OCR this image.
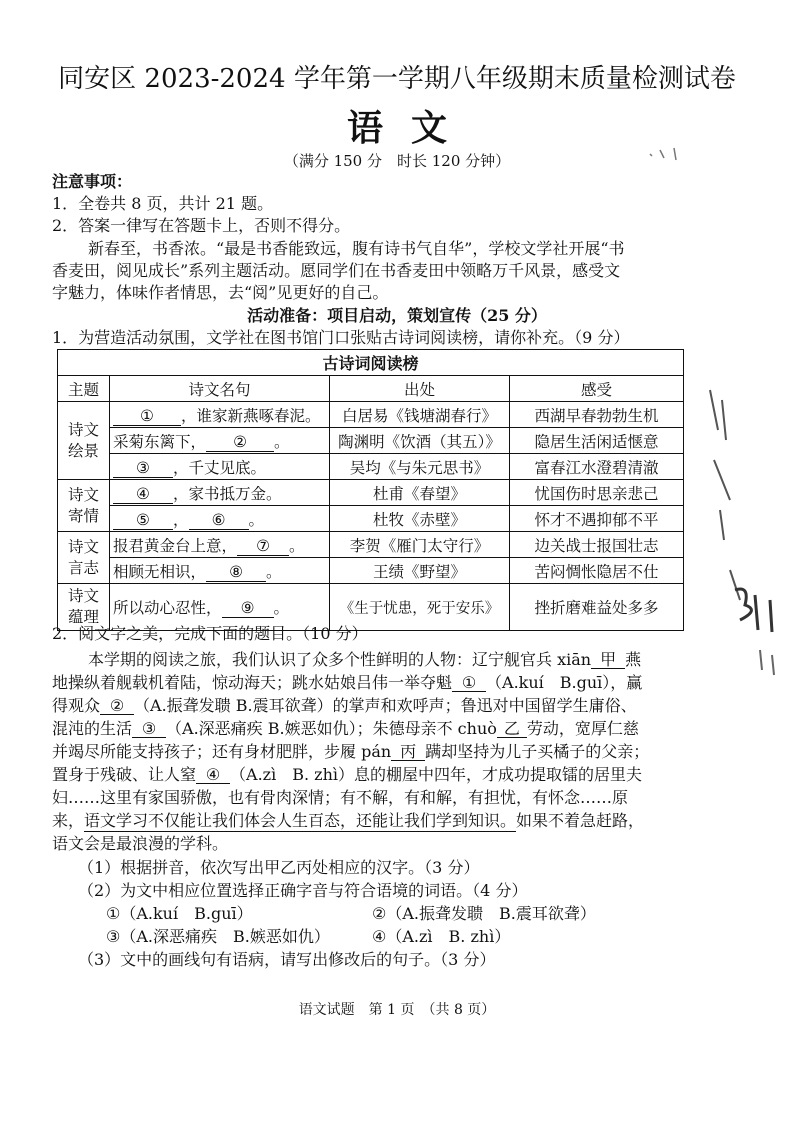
同安区 2023-2024 学年第一学期八年级期末质量检测试卷
语文
（满分 150 分　时长 120 分钟）
注意事项：
1．全卷共 8 页，共计 21 题。
2．答案一律写在答题卡上，否则不得分。
新春至，书香浓。“最是书香能致远，腹有诗书气自华”，学校文学社开展“书
香麦田，阅见成长”系列主题活动。愿同学们在书香麦田中领略万千风景，感受文
字魅力，体味作者情思，去“阅”见更好的自己。
活动准备：项目启动，策划宣传（25 分）
1．为营造活动氛围，文学社在图书馆门口张贴古诗词阅读榜，请你补充。（9 分）
古诗词阅读榜			
主题	诗文名句	出处	感受
诗文绘景	① ，谁家新燕啄春泥。	白居易《钱塘湖春行》	西湖早春勃勃生机
	采菊东篱下， ② 。	陶渊明《饮酒（其五）》	隐居生活闲适惬意
	③ ，千丈见底。	吴均《与朱元思书》	富春江水澄碧清澈
诗文寄情	④ ，家书抵万金。	杜甫《春望》	忧国伤时思亲悲己
	⑤ ， ⑥ 。	杜牧《赤壁》	怀才不遇抑郁不平
诗文言志	报君黄金台上意， ⑦ 。	李贺《雁门太守行》	边关战士报国壮志
	相顾无相识， ⑧ 。	王绩《野望》	苦闷惆怅隐居不仕
诗文蕴理	所以动心忍性， ⑨ 。	《生于忧患，死于安乐》	挫折磨难益处多多
2．阅文字之美，完成下面的题目。（10 分）
本学期的阅读之旅，我们认识了众多个性鲜明的人物：辽宁舰官兵 xiān 甲 燕
地操纵着舰载机着陆，惊动海天；跳水姑娘吕伟一举夺魁 ① （A.kuí　B.guī），赢
得观众 ② （A.振聋发聩 B.震耳欲聋）的掌声和欢呼声；鲁迅对中国留学生庸俗、
混沌的生活 ③ （A.深恶痛疾 B.嫉恶如仇）；朱德母亲不 chuò 乙 劳动，宽厚仁慈
并竭尽所能支持孩子；还有身材肥胖，步履 pán 丙 蹒却坚持为儿子买橘子的父亲；
置身于残破、让人窒 ④ （A.zì　B. zhì）息的棚屋中四年，才成功提取镭的居里夫
妇……这里有家国骄傲，也有骨肉深情；有不解，有和解，有担忧，有怀念……原
来，语文学习不仅能让我们体会人生百态，还能让我们学到知识。如果不着急赶路，
语文会是最浪漫的学科。
（1）根据拼音，依次写出甲乙丙处相应的汉字。（3 分）
（2）为文中相应位置选择正确字音与符合语境的词语。（4 分）
①（A.kuí　B.guī）	②（A.振聋发聩　B.震耳欲聋）
③（A.深恶痛疾　B.嫉恶如仇）	④（A.zì　B. zhì）
（3）文中的画线句有语病，请写出修改后的句子。（3 分）
语文试题　第 1 页　（共 8 页）
